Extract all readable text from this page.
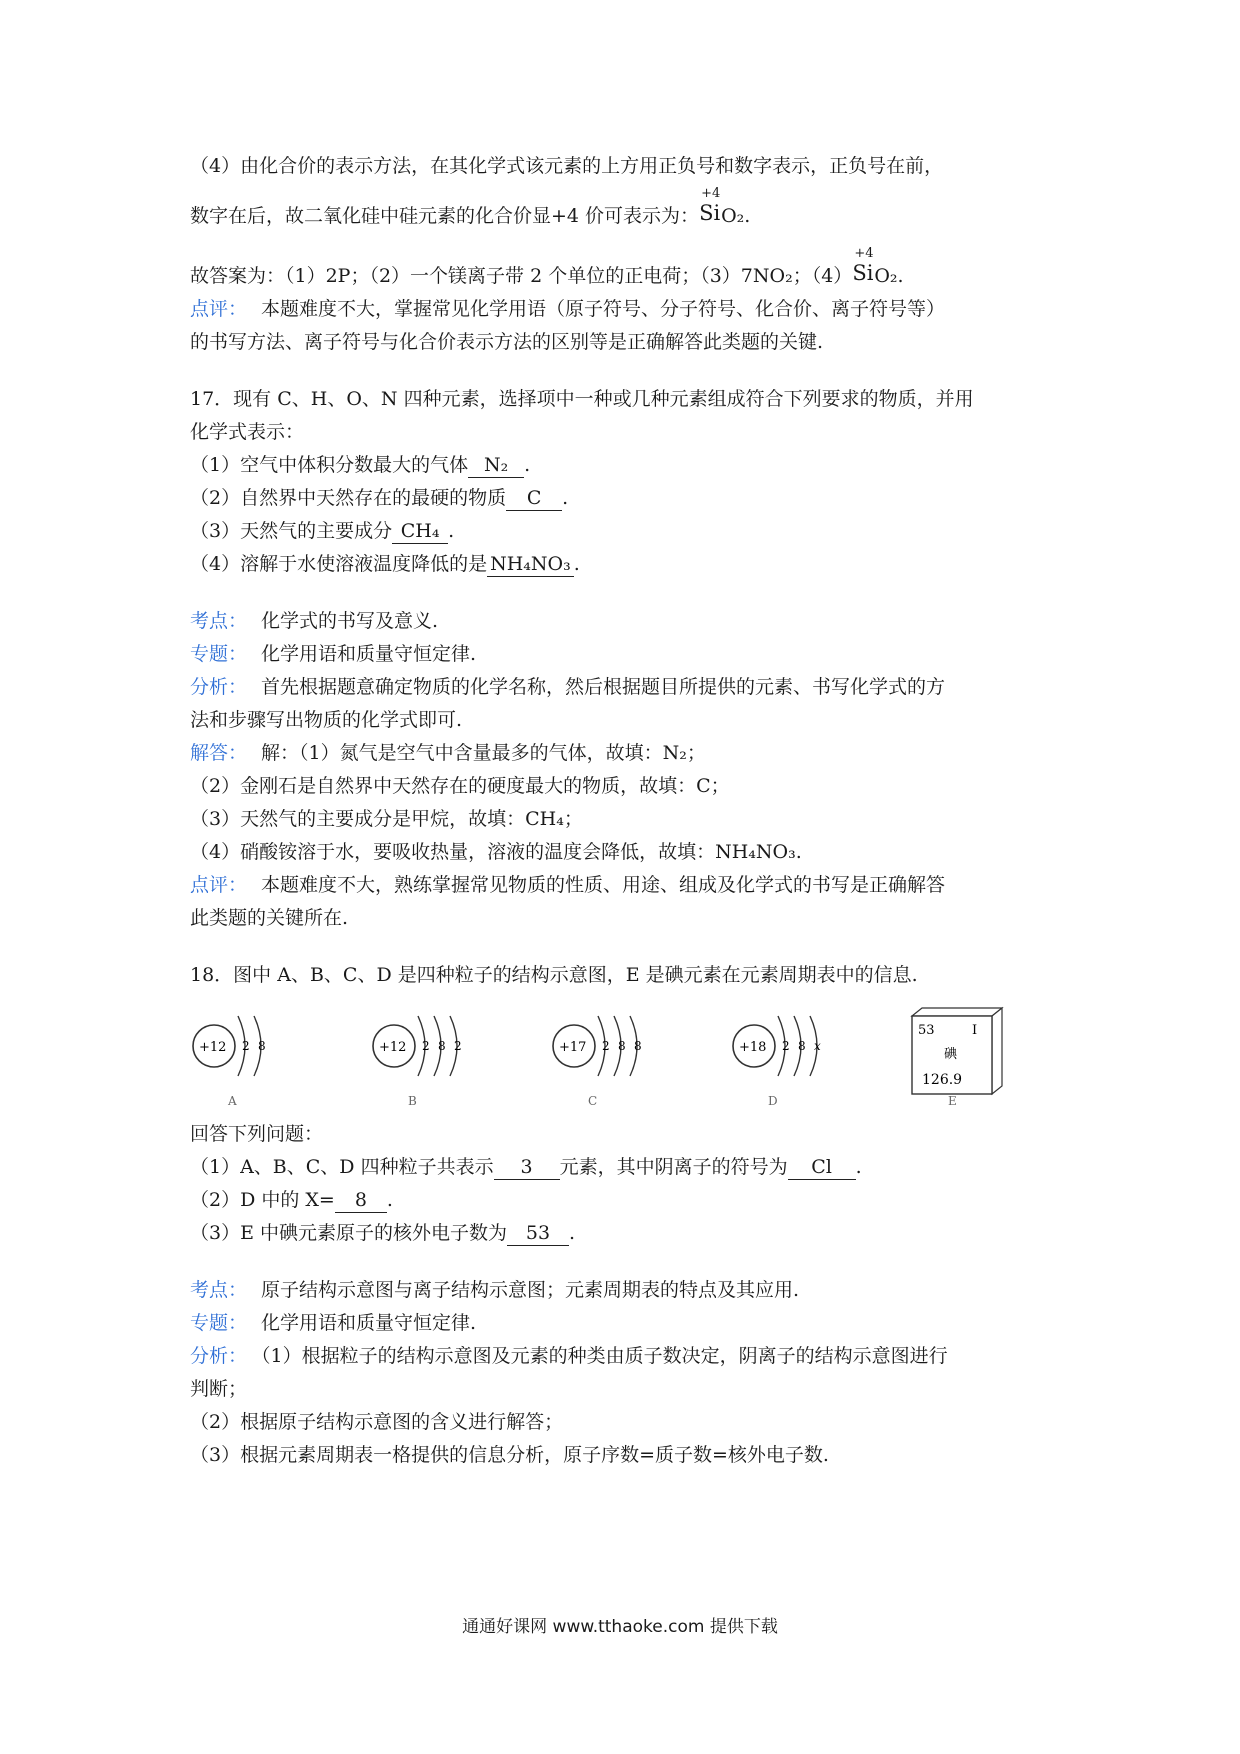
（4）由化合价的表示方法，在其化学式该元素的上方用正负号和数字表示，正负号在前，
数字在后，故二氧化硅中硅元素的化合价显+4 价可表示为：
+4
Si O₂.
故答案为：（1）2P；（2）一个镁离子带 2 个单位的正电荷；（3）7NO₂；（4）
+4
Si O₂.
点评： 本题难度不大，掌握常见化学用语（原子符号、分子符号、化合价、离子符号等）
的书写方法、离子符号与化合价表示方法的区别等是正确解答此类题的关键.
17．现有 C、H、O、N 四种元素，选择项中一种或几种元素组成符合下列要求的物质，并用
化学式表示：
（1）空气中体积分数最大的气体 N₂ .
（2）自然界中天然存在的最硬的物质 C .
（3）天然气的主要成分 CH₄ .
（4）溶解于水使溶液温度降低的是 NH₄NO₃ .
考点： 化学式的书写及意义.
专题： 化学用语和质量守恒定律.
分析： 首先根据题意确定物质的化学名称，然后根据题目所提供的元素、书写化学式的方
法和步骤写出物质的化学式即可.
解答： 解：（1）氮气是空气中含量最多的气体，故填：N₂；
（2）金刚石是自然界中天然存在的硬度最大的物质，故填：C；
（3）天然气的主要成分是甲烷，故填：CH₄；
（4）硝酸铵溶于水，要吸收热量，溶液的温度会降低，故填：NH₄NO₃.
点评： 本题难度不大，熟练掌握常见物质的性质、用途、组成及化学式的书写是正确解答
此类题的关键所在.
18．图中 A、B、C、D 是四种粒子的结构示意图，E 是碘元素在元素周期表中的信息.
+12 2 8
A
+12 2 8 2
B
+17 2 8 8
C
+18 2 8 x
D
53	I
碘
126.9
E
回答下列问题：
（1）A、B、C、D 四种粒子共表示 3 元素，其中阴离子的符号为 Cl .
（2）D 中的 X= 8 .
（3）E 中碘元素原子的核外电子数为 53 .
考点： 原子结构示意图与离子结构示意图；元素周期表的特点及其应用.
专题： 化学用语和质量守恒定律.
分析： （1）根据粒子的结构示意图及元素的种类由质子数决定，阴离子的结构示意图进行
判断；
（2）根据原子结构示意图的含义进行解答；
（3）根据元素周期表一格提供的信息分析，原子序数=质子数=核外电子数.
通通好课网 www.tthaoke.com 提供下载
